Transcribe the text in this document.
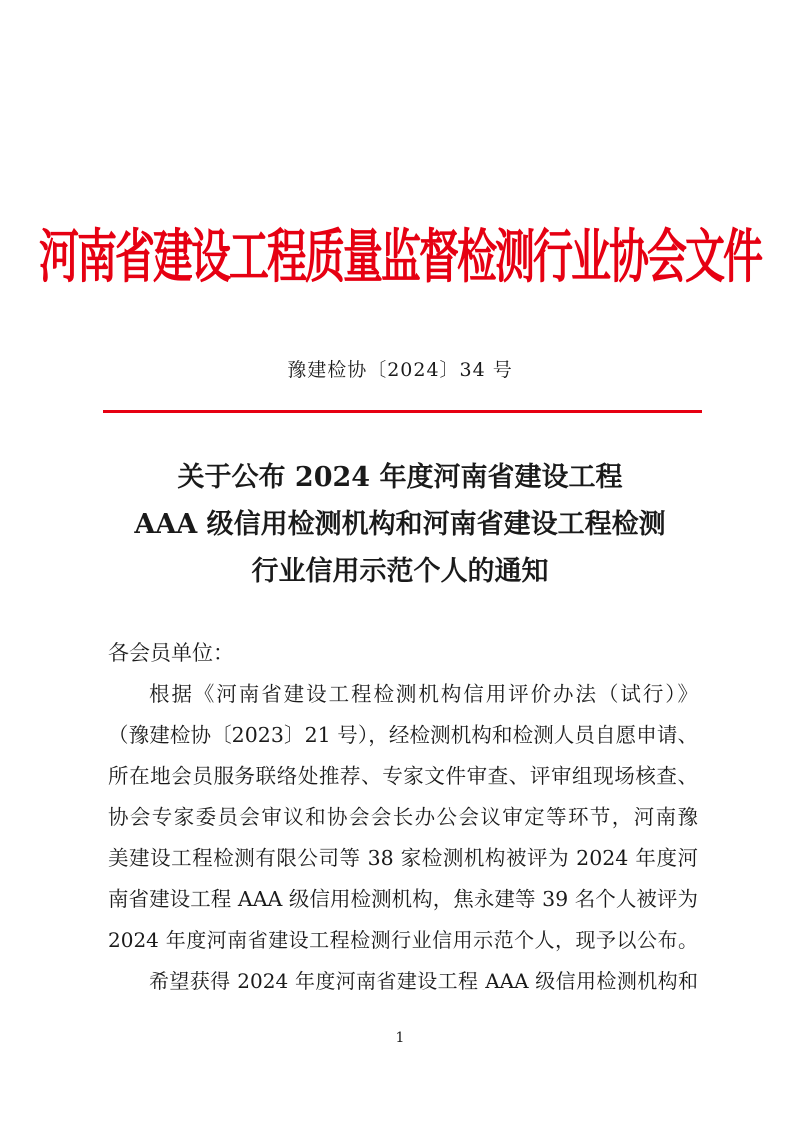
河南省建设工程质量监督检测行业协会文件
豫建检协〔2024〕34 号
关于公布 2024 年度河南省建设工程
AAA 级信用检测机构和河南省建设工程检测
行业信用示范个人的通知
各会员单位：
根据《河南省建设工程检测机构信用评价办法（试行）》
（豫建检协〔2023〕21 号），经检测机构和检测人员自愿申请、
所在地会员服务联络处推荐、专家文件审查、评审组现场核查、
协会专家委员会审议和协会会长办公会议审定等环节，河南豫
美建设工程检测有限公司等 38 家检测机构被评为 2024 年度河
南省建设工程 AAA 级信用检测机构，焦永建等 39 名个人被评为
2024 年度河南省建设工程检测行业信用示范个人，现予以公布。
希望获得 2024 年度河南省建设工程 AAA 级信用检测机构和
1
